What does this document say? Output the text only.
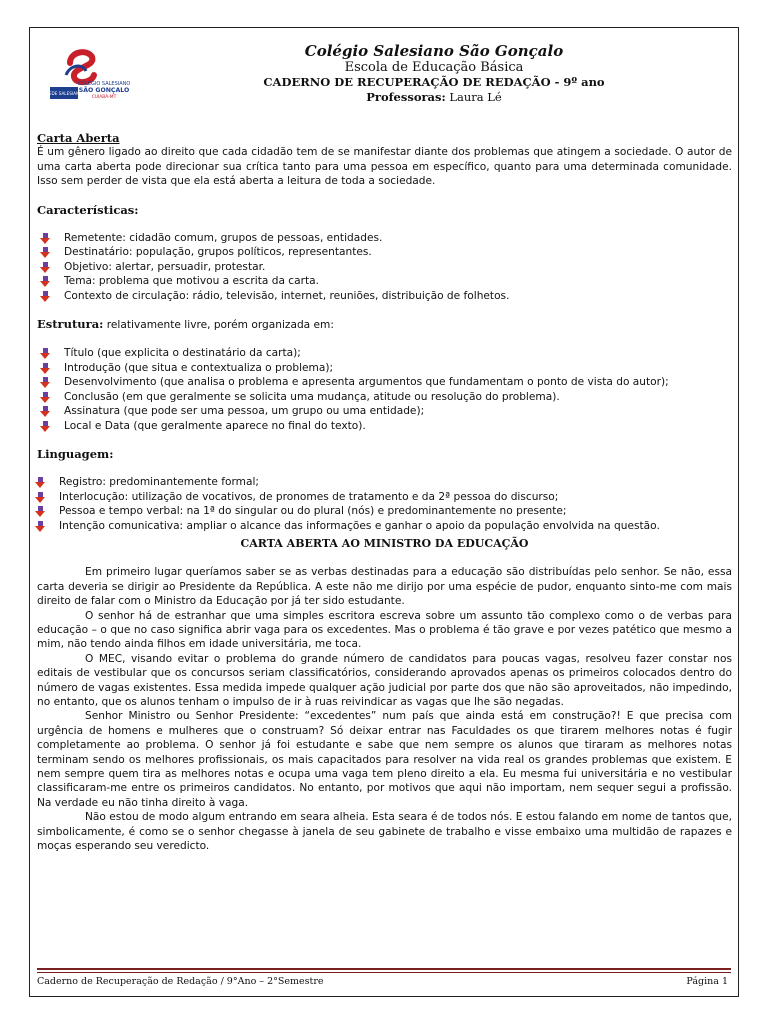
REDE SALESIANA
COLÉGIO SALESIANO
SÃO GONÇALO
CUIABÁ-MT
Colégio Salesiano São Gonçalo
Escola de Educação Básica
CADERNO DE RECUPERAÇÃO DE REDAÇÃO - 9º ano
Professoras: Laura Lé
Carta Aberta

É um gênero ligado ao direito que cada cidadão tem de se manifestar diante dos problemas que atingem a sociedade. O autor de uma carta aberta pode direcionar sua crítica tanto para uma pessoa em específico, quanto para uma determinada comunidade. Isso sem perder de vista que ela está aberta a leitura de toda a sociedade.

Características:
Remetente: cidadão comum, grupos de pessoas, entidades.
Destinatário: população, grupos políticos, representantes.
Objetivo: alertar, persuadir, protestar.
Tema: problema que motivou a escrita da carta.
Contexto de circulação: rádio, televisão, internet, reuniões, distribuição de folhetos.

Estrutura: relativamente livre, porém organizada em:

Título (que explicita o destinatário da carta);
Introdução (que situa e contextualiza o problema);
Desenvolvimento (que analisa o problema e apresenta argumentos que fundamentam o ponto de vista do autor);
Conclusão (em que geralmente se solicita uma mudança, atitude ou resolução do problema).
Assinatura (que pode ser uma pessoa, um grupo ou uma entidade);
Local e Data (que geralmente aparece no final do texto).
Linguagem:
Registro: predominantemente formal;
Interlocução: utilização de vocativos, de pronomes de tratamento e da 2ª pessoa do discurso;
Pessoa e tempo verbal: na 1ª do singular ou do plural (nós) e predominantemente no presente;
Intenção comunicativa: ampliar o alcance das informações e ganhar o apoio da população envolvida na questão.
CARTA ABERTA AO MINISTRO DA EDUCAÇÃO

Em primeiro lugar queríamos saber se as verbas destinadas para a educação são distribuídas pelo senhor. Se não, essa carta deveria se dirigir ao Presidente da República. A este não me dirijo por uma espécie de pudor, enquanto sinto-me com mais direito de falar com o Ministro da Educação por já ter sido estudante.

O senhor há de estranhar que uma simples escritora escreva sobre um assunto tão complexo como o de verbas para educação – o que no caso significa abrir vaga para os excedentes. Mas o problema é tão grave e por vezes patético que mesmo a mim, não tendo ainda filhos em idade universitária, me toca.

O MEC, visando evitar o problema do grande número de candidatos para poucas vagas, resolveu fazer constar nos editais de vestibular que os concursos seriam classificatórios, considerando aprovados apenas os primeiros colocados dentro do número de vagas existentes. Essa medida impede qualquer ação judicial por parte dos que não são aproveitados, não impedindo, no entanto, que os alunos tenham o impulso de ir à ruas reivindicar as vagas que lhe são negadas.

Senhor Ministro ou Senhor Presidente: “excedentes” num país que ainda está em construção?! E que precisa com urgência de homens e mulheres que o construam? Só deixar entrar nas Faculdades os que tirarem melhores notas é fugir completamente ao problema. O senhor já foi estudante e sabe que nem sempre os alunos que tiraram as melhores notas terminam sendo os melhores profissionais, os mais capacitados para resolver na vida real os grandes problemas que existem. E nem sempre quem tira as melhores notas e ocupa uma vaga tem pleno direito a ela. Eu mesma fui universitária e no vestibular classificaram-me entre os primeiros candidatos. No entanto, por motivos que aqui não importam, nem sequer segui a profissão. Na verdade eu não tinha direito à vaga.

Não estou de modo algum entrando em seara alheia. Esta seara é de todos nós. E estou falando em nome de tantos que, simbolicamente, é como se o senhor chegasse à janela de seu gabinete de trabalho e visse embaixo uma multidão de rapazes e moças esperando seu veredicto.

Caderno de Recuperação de Redação / 9°Ano – 2°Semestre	Página 1
